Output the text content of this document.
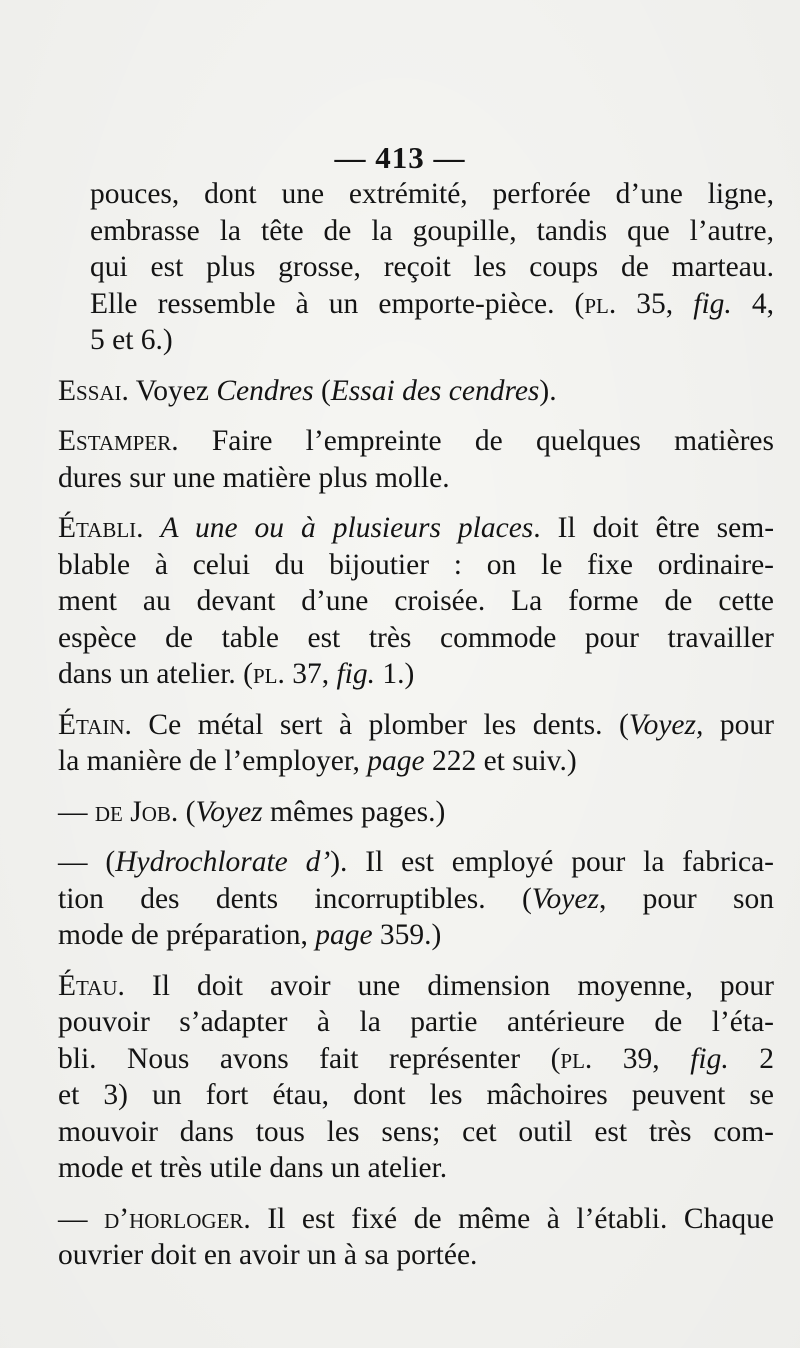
— 413 —

pouces, dont une extrémité, perforée d’une ligne,
embrasse la tête de la goupille, tandis que l’autre,
qui est plus grosse, reçoit les coups de marteau.
Elle ressemble à un emporte-pièce. (pl. 35, fig. 4,
5 et 6.)

Essai. Voyez Cendres (Essai des cendres).

Estamper. Faire l’empreinte de quelques matières
dures sur une matière plus molle.

Établi. A une ou à plusieurs places. Il doit être sem-
blable à celui du bijoutier : on le fixe ordinaire-
ment au devant d’une croisée. La forme de cette
espèce de table est très commode pour travailler
dans un atelier. (pl. 37, fig. 1.)

Étain. Ce métal sert à plomber les dents. (Voyez, pour
la manière de l’employer, page 222 et suiv.)

— de Job. (Voyez mêmes pages.)

— (Hydrochlorate d’). Il est employé pour la fabrica-
tion des dents incorruptibles. (Voyez, pour son
mode de préparation, page 359.)

Étau. Il doit avoir une dimension moyenne, pour
pouvoir s’adapter à la partie antérieure de l’éta-
bli. Nous avons fait représenter (pl. 39, fig. 2
et 3) un fort étau, dont les mâchoires peuvent se
mouvoir dans tous les sens; cet outil est très com-
mode et très utile dans un atelier.

— d’horloger. Il est fixé de même à l’établi. Chaque
ouvrier doit en avoir un à sa portée.
